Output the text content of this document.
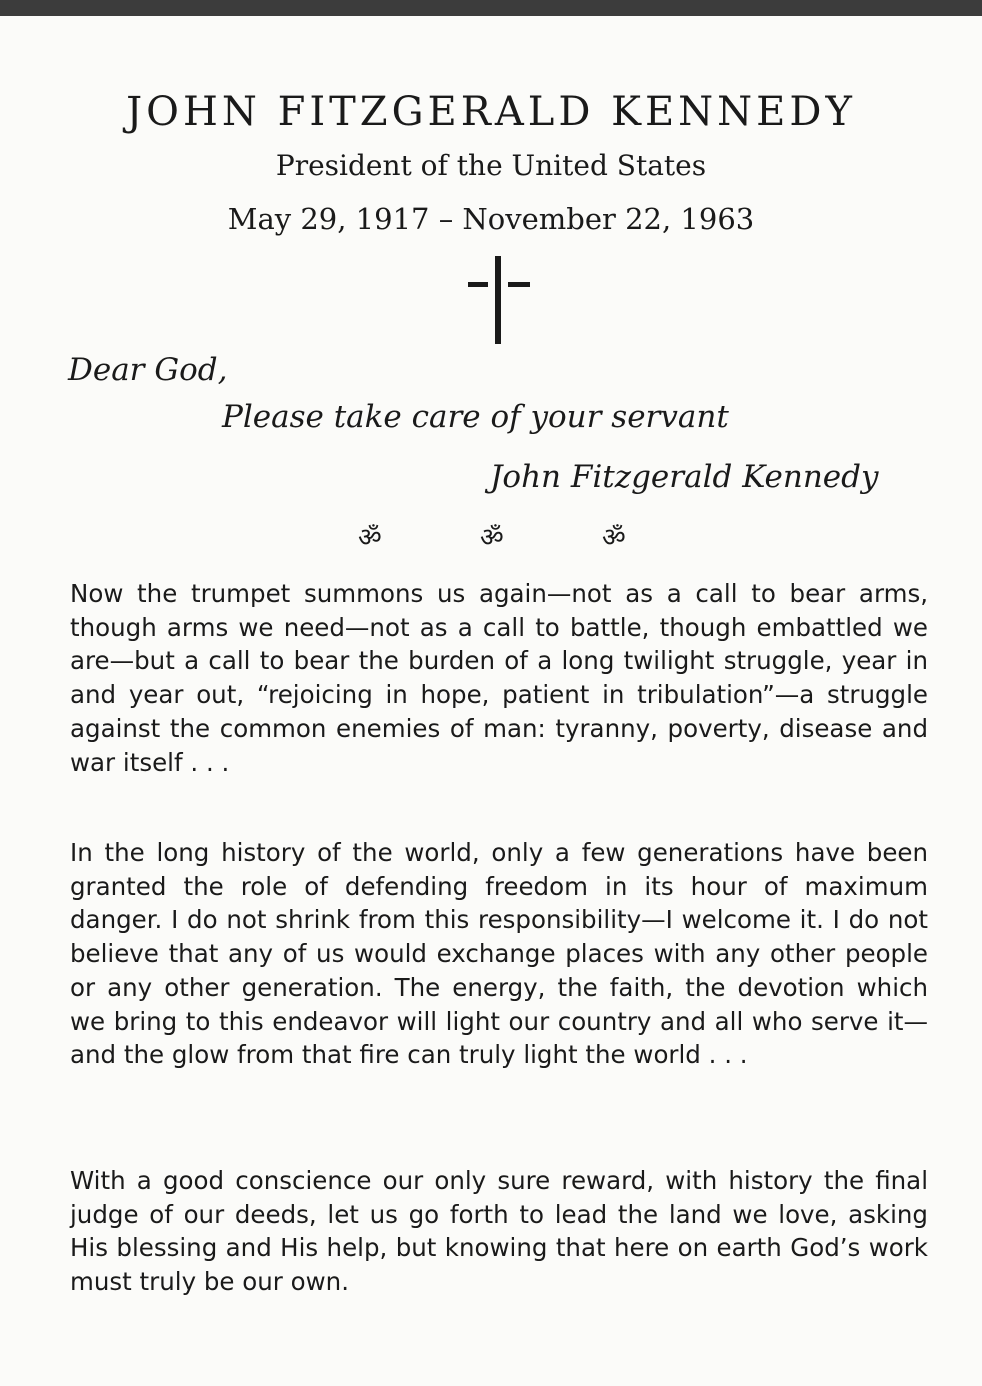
JOHN FITZGERALD KENNEDY
President of the United States
May 29, 1917 – November 22, 1963
Dear God,
Please take care of your servant
John Fitzgerald Kennedy
ॐ	ॐ	ॐ

Now the trumpet summons us again—not as a call to bear arms, though arms we need—not as a call to battle, though embattled we are—but a call to bear the burden of a long twilight struggle, year in and year out, “rejoicing in hope, patient in tribulation”—a struggle against the common enemies of man: tyranny, poverty, disease and war itself . . .

In the long history of the world, only a few generations have been granted the role of defending freedom in its hour of maximum danger. I do not shrink from this responsibility—I welcome it. I do not believe that any of us would exchange places with any other people or any other generation. The energy, the faith, the devotion which we bring to this endeavor will light our country and all who serve it—and the glow from that fire can truly light the world . . .

With a good conscience our only sure reward, with history the final judge of our deeds, let us go forth to lead the land we love, asking His blessing and His help, but knowing that here on earth God’s work must truly be our own.
